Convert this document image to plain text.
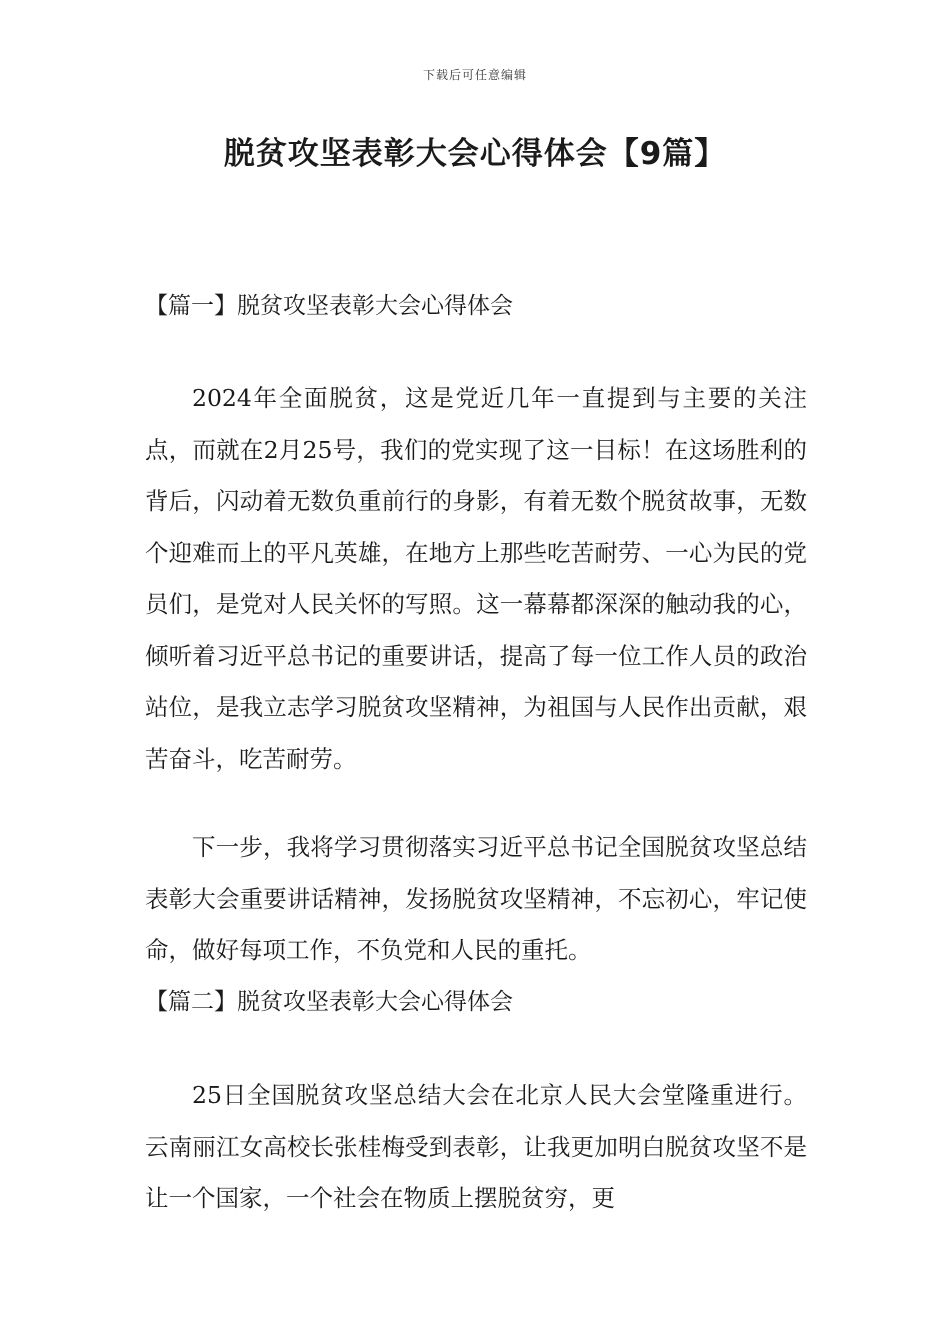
下载后可任意编辑
脱贫攻坚表彰大会心得体会【9篇】
【篇一】脱贫攻坚表彰大会心得体会

2024年全面脱贫，这是党近几年一直提到与主要的关注点，而就在2月25号，我们的党实现了这一目标！在这场胜利的背后，闪动着无数负重前行的身影，有着无数个脱贫故事，无数个迎难而上的平凡英雄，在地方上那些吃苦耐劳、一心为民的党员们，是党对人民关怀的写照。这一幕幕都深深的触动我的心，倾听着习近平总书记的重要讲话，提高了每一位工作人员的政治站位，是我立志学习脱贫攻坚精神，为祖国与人民作出贡献，艰苦奋斗，吃苦耐劳。

下一步，我将学习贯彻落实习近平总书记全国脱贫攻坚总结表彰大会重要讲话精神，发扬脱贫攻坚精神，不忘初心，牢记使命，做好每项工作，不负党和人民的重托。

【篇二】脱贫攻坚表彰大会心得体会

25日全国脱贫攻坚总结大会在北京人民大会堂隆重进行。云南丽江女高校长张桂梅受到表彰，让我更加明白脱贫攻坚不是让一个国家，一个社会在物质上摆脱贫穷，更
